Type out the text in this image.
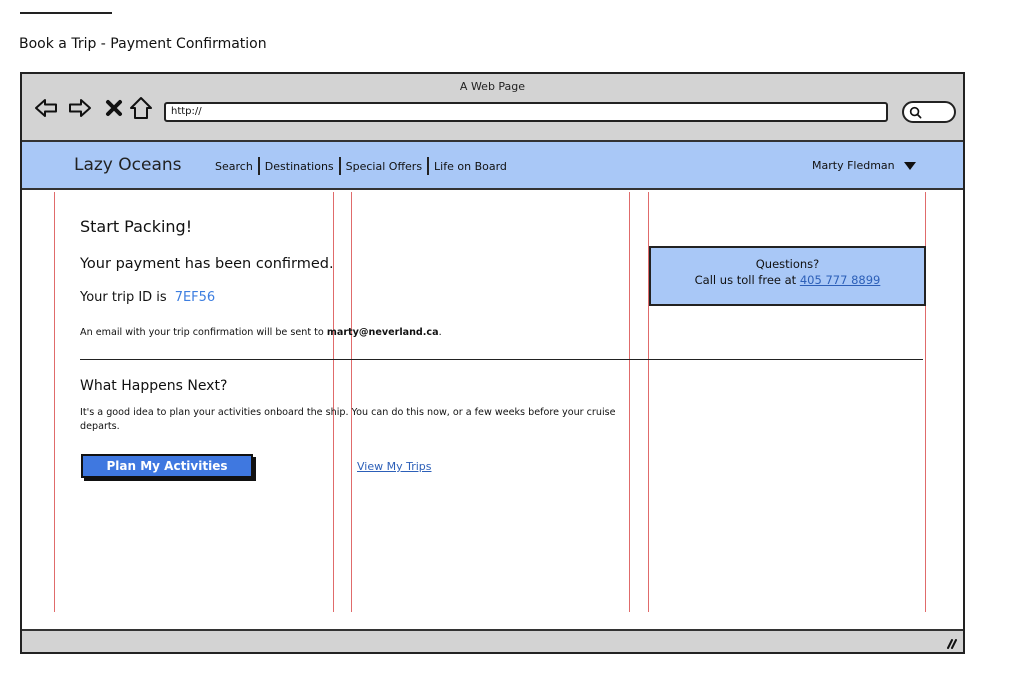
Book a Trip - Payment Confirmation
A Web Page
http://
Lazy Oceans	Search	Destinations	Special Offers	Life on Board	Marty Fledman
Start Packing!
Your payment has been confirmed.
Your trip ID is 7EF56
An email with your trip confirmation will be sent to marty@neverland.ca.
What Happens Next?
It's a good idea to plan your activities onboard the ship. You can do this now, or a few weeks before your cruise departs.
Plan My Activities	View My Trips
Questions?
Call us toll free at 405 777 8899
